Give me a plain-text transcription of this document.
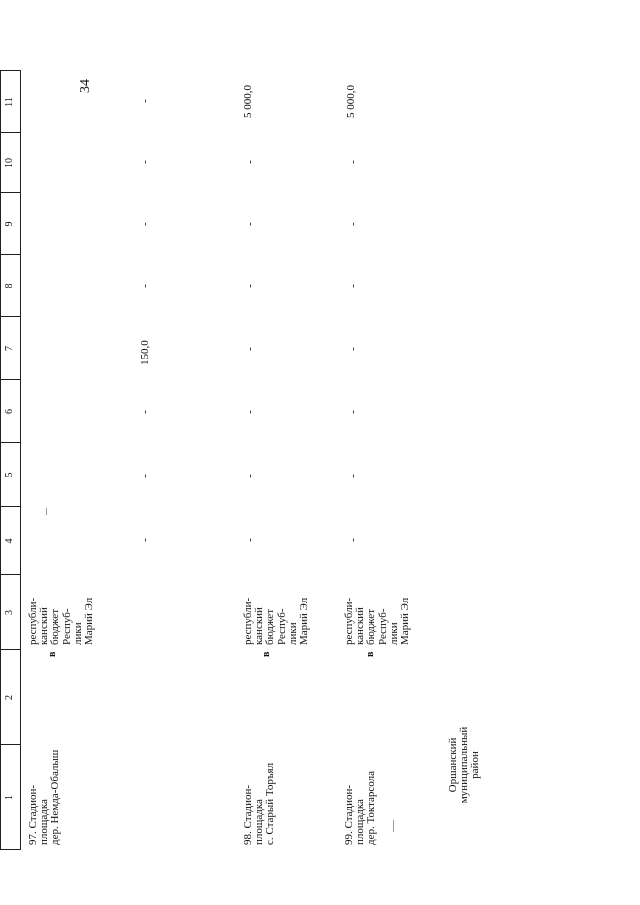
34
1
2
3
4
5
6
7
8
9
10
11
97. Стадион- площадка дер. Немда-Обалыш
в
республи- канский бюджет Респуб- лики Марий Эл
-
-
-
150,0
-
-
-
-
98. Стадион- площадка с. Старый Торъял
в
республи- канский бюджет Респуб- лики Марий Эл
-
-
-
-
-
-
-
5 000,0
99. Стадион- площадка дер. Токтарсола
в
республи- канский бюджет Респуб- лики Марий Эл
-
-
-
-
-
-
-
5 000,0
Оршанский муниципальный район
